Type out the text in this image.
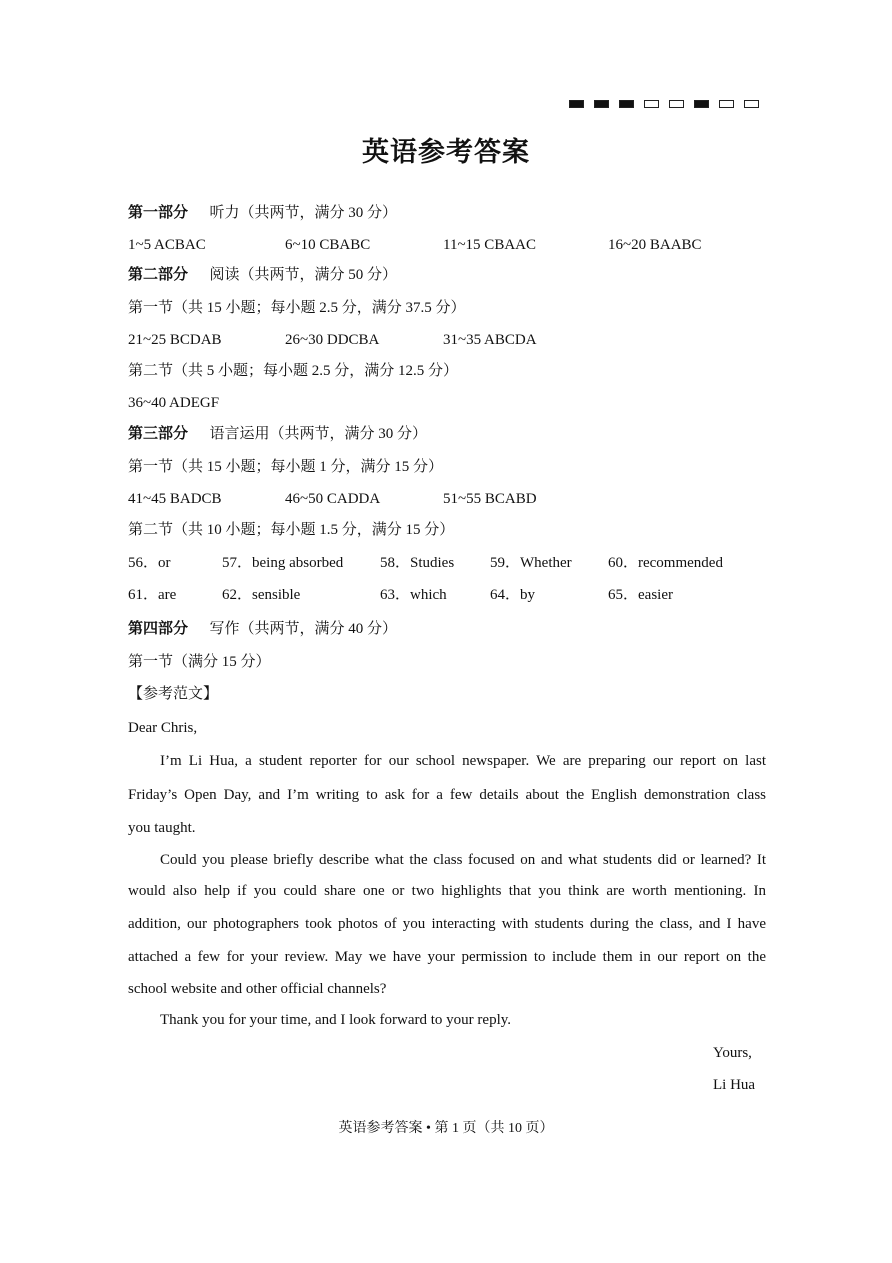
英语参考答案
第一部分 听力（共两节，满分 30 分）
1~5 ACBAC	6~10 CBABC	11~15 CBAAC	16~20 BAABC
第二部分 阅读（共两节，满分 50 分）
第一节（共 15 小题；每小题 2.5 分，满分 37.5 分）
21~25 BCDAB	26~30 DDCBA	31~35 ABCDA
第二节（共 5 小题；每小题 2.5 分，满分 12.5 分）
36~40 ADEGF
第三部分 语言运用（共两节，满分 30 分）
第一节（共 15 小题；每小题 1 分，满分 15 分）
41~45 BADCB	46~50 CADDA	51~55 BCABD
第二节（共 10 小题；每小题 1.5 分，满分 15 分）
56．or	57．being absorbed 58．Studies 59．Whether 60．recommended
61．are	62．sensible	63．which	64．by	65．easier
第四部分 写作（共两节，满分 40 分）
第一节（满分 15 分）
【参考范文】
Dear Chris,
I’m Li Hua, a student reporter for our school newspaper. We are preparing our report on last
Friday’s Open Day, and I’m writing to ask for a few details about the English demonstration class
you taught.
Could you please briefly describe what the class focused on and what students did or learned? It
would also help if you could share one or two highlights that you think are worth mentioning. In
addition, our photographers took photos of you interacting with students during the class, and I have
attached a few for your review. May we have your permission to include them in our report on the
school website and other official channels?
Thank you for your time, and I look forward to your reply.
Yours,
Li Hua
英语参考答案 • 第 1 页（共 10 页）
